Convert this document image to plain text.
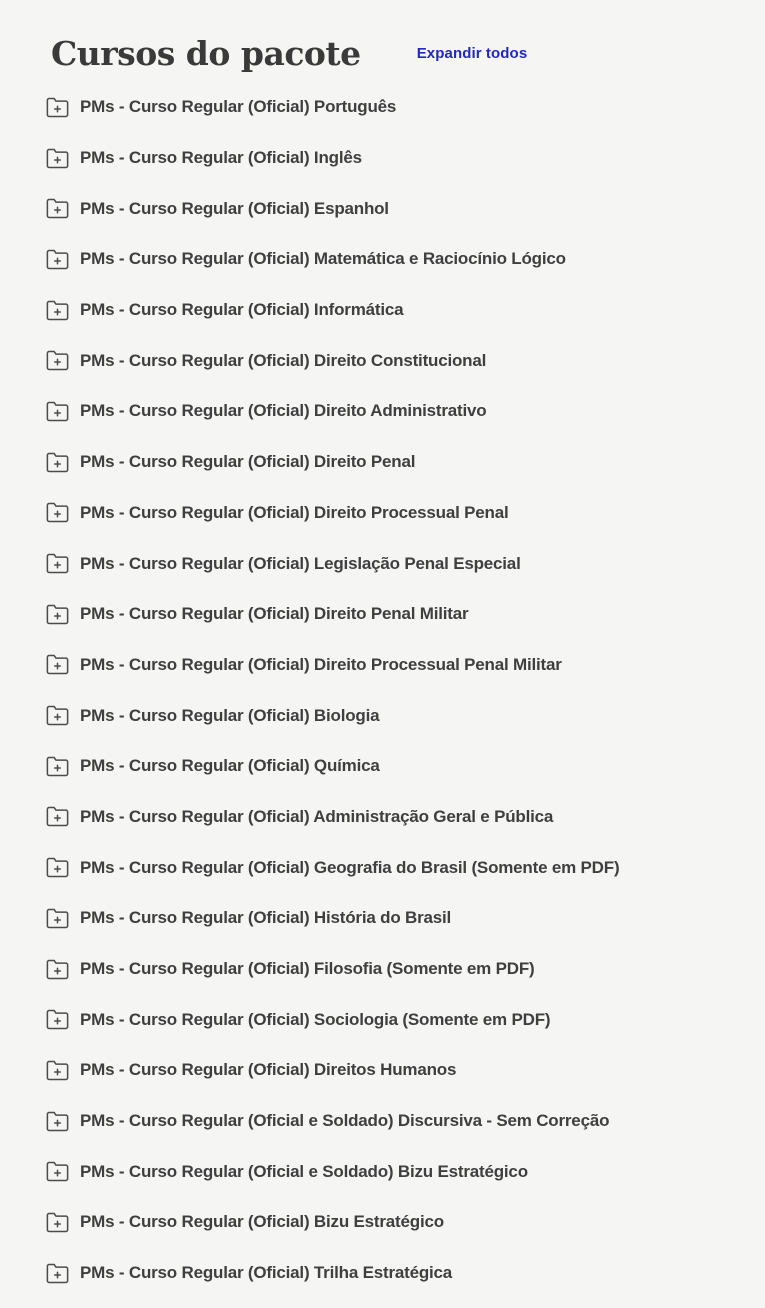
Cursos do pacote	Expandir todos
PMs - Curso Regular (Oficial) Português
PMs - Curso Regular (Oficial) Inglês
PMs - Curso Regular (Oficial) Espanhol
PMs - Curso Regular (Oficial) Matemática e Raciocínio Lógico
PMs - Curso Regular (Oficial) Informática
PMs - Curso Regular (Oficial) Direito Constitucional
PMs - Curso Regular (Oficial) Direito Administrativo
PMs - Curso Regular (Oficial) Direito Penal
PMs - Curso Regular (Oficial) Direito Processual Penal
PMs - Curso Regular (Oficial) Legislação Penal Especial
PMs - Curso Regular (Oficial) Direito Penal Militar
PMs - Curso Regular (Oficial) Direito Processual Penal Militar
PMs - Curso Regular (Oficial) Biologia
PMs - Curso Regular (Oficial) Química
PMs - Curso Regular (Oficial) Administração Geral e Pública
PMs - Curso Regular (Oficial) Geografia do Brasil (Somente em PDF)
PMs - Curso Regular (Oficial) História do Brasil
PMs - Curso Regular (Oficial) Filosofia (Somente em PDF)
PMs - Curso Regular (Oficial) Sociologia (Somente em PDF)
PMs - Curso Regular (Oficial) Direitos Humanos
PMs - Curso Regular (Oficial e Soldado) Discursiva - Sem Correção
PMs - Curso Regular (Oficial e Soldado) Bizu Estratégico
PMs - Curso Regular (Oficial) Bizu Estratégico
PMs - Curso Regular (Oficial) Trilha Estratégica
